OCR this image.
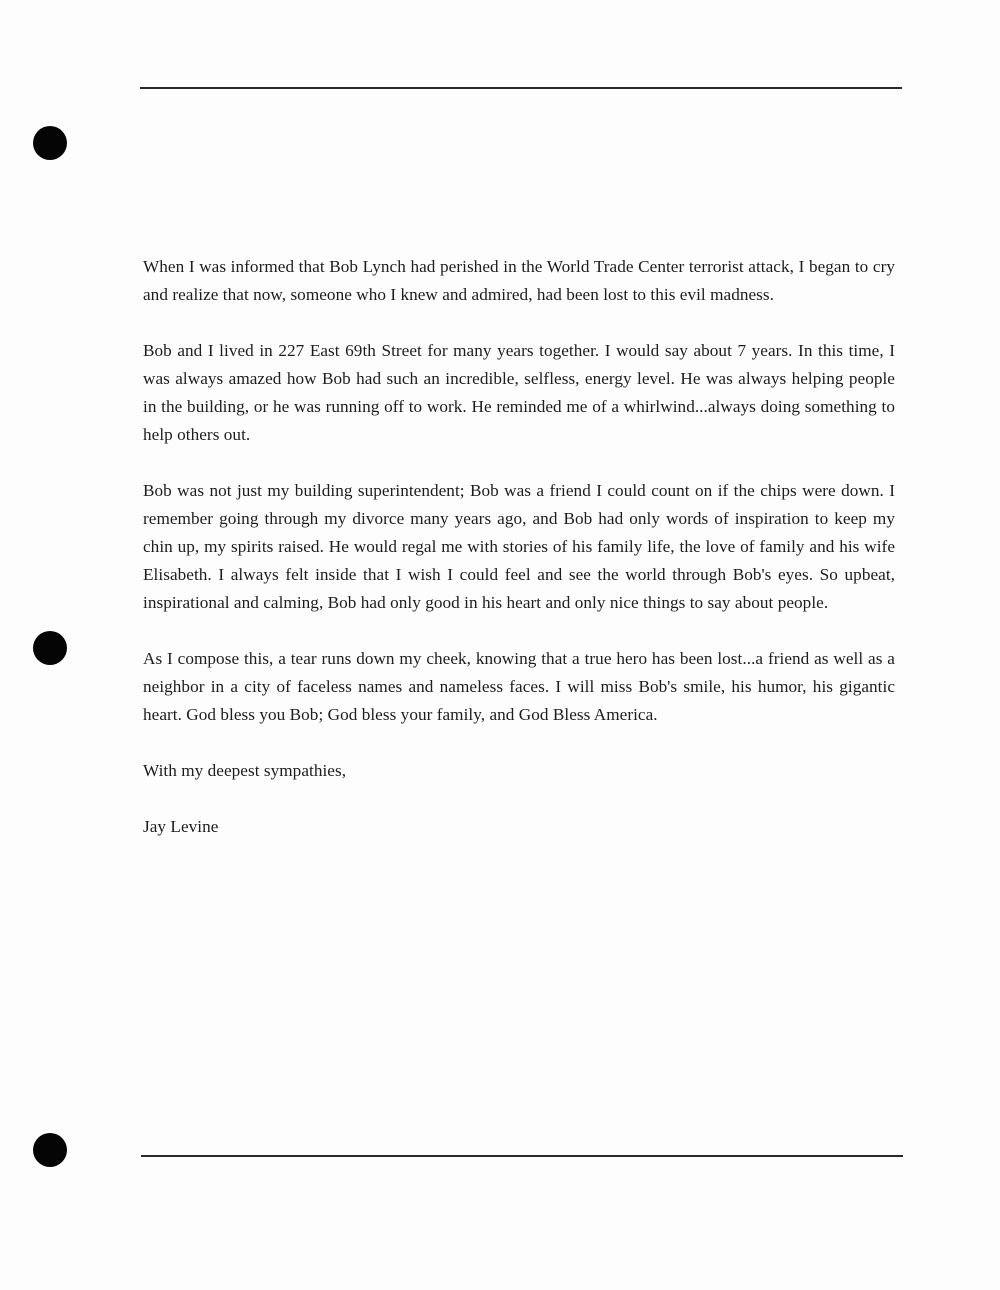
When I was informed that Bob Lynch had perished in the World Trade Center terrorist attack, I began to cry and realize that now, someone who I knew and admired, had been lost to this evil madness.

Bob and I lived in 227 East 69th Street for many years together. I would say about 7 years. In this time, I was always amazed how Bob had such an incredible, selfless, energy level. He was always helping people in the building, or he was running off to work. He reminded me of a whirlwind...always doing something to help others out.

Bob was not just my building superintendent; Bob was a friend I could count on if the chips were down. I remember going through my divorce many years ago, and Bob had only words of inspiration to keep my chin up, my spirits raised. He would regal me with stories of his family life, the love of family and his wife Elisabeth. I always felt inside that I wish I could feel and see the world through Bob's eyes. So upbeat, inspirational and calming, Bob had only good in his heart and only nice things to say about people.

As I compose this, a tear runs down my cheek, knowing that a true hero has been lost...a friend as well as a neighbor in a city of faceless names and nameless faces. I will miss Bob's smile, his humor, his gigantic heart. God bless you Bob; God bless your family, and God Bless America.

With my deepest sympathies,

Jay Levine
